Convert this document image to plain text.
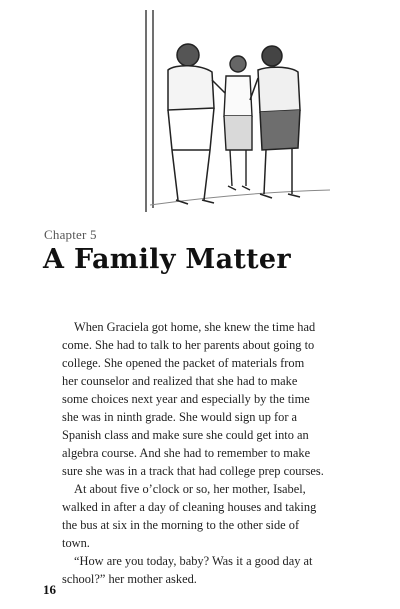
Chapter 5
A Family Matter
When Graciela got home, she knew the time had
come. She had to talk to her parents about going to
college. She opened the packet of materials from
her counselor and realized that she had to make
some choices next year and especially by the time
she was in ninth grade. She would sign up for a
Spanish class and make sure she could get into an
algebra course. And she had to remember to make
sure she was in a track that had college prep courses.
At about five o’clock or so, her mother, Isabel,
walked in after a day of cleaning houses and taking
the bus at six in the morning to the other side of
town.
“How are you today, baby? Was it a good day at
school?” her mother asked.
16
